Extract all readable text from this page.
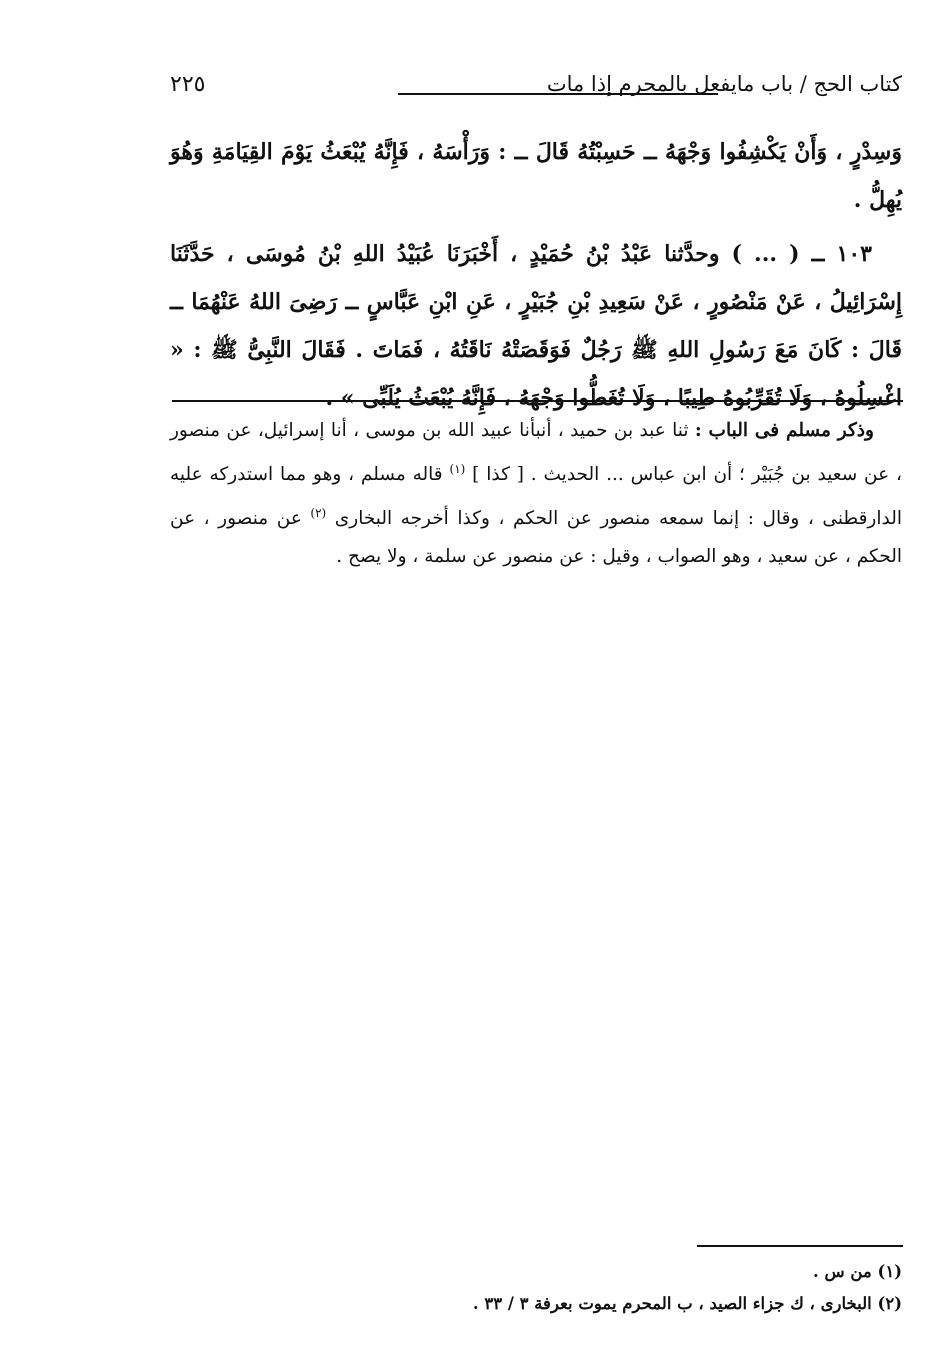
٢٢٥	كتاب الحج / باب مايفعل بالمحرم إذا مات

وَسِدْرٍ ، وَأَنْ يَكْشِفُوا وَجْهَهُ ــ حَسِبْتُهُ قَالَ ــ : وَرَأْسَهُ ، فَإِنَّهُ يُبْعَثُ يَوْمَ القِيَامَةِ وَهُوَ يُهِلُّ .

١٠٣ ــ ( ... ) وحدَّثنا عَبْدُ بْنُ حُمَيْدٍ ، أَخْبَرَنَا عُبَيْدُ اللهِ بْنُ مُوسَى ، حَدَّثَنَا إِسْرَائِيلُ ، عَنْ مَنْصُورٍ ، عَنْ سَعِيدِ بْنِ جُبَيْرٍ ، عَنِ ابْنِ عَبَّاسٍ ــ رَضِىَ اللهُ عَنْهُمَا ــ قَالَ : كَانَ مَعَ رَسُولِ اللهِ ﷺ رَجُلٌ فَوَقَصَتْهُ نَاقَتُهُ ، فَمَاتَ . فَقَالَ النَّبِىُّ ﷺ : « اغْسِلُوهُ ، وَلَا تُقَرِّبُوهُ طِيبًا ، وَلَا تُغَطُّوا وَجْهَهُ ، فَإِنَّهُ يُبْعَثُ يُلَبِّى » .

وذكر مسلم فى الباب : ثنا عبد بن حميد ، أنبأنا عبيد الله بن موسى ، أنا إسرائيل، عن منصور ، عن سعيد بن جُبَيْر ؛ أن ابن عباس ... الحديث . [ كذا ] $^{(١)}$ قاله مسلم ، وهو مما استدركه عليه الدارقطنى ، وقال : إنما سمعه منصور عن الحكم ، وكذا أخرجه البخارى $^{(٢)}$ عن منصور ، عن الحكم ، عن سعيد ، وهو الصواب ، وقيل : عن منصور عن سلمة ، ولا يصح .

(١) من س .

(٢) البخارى ، ك جزاء الصيد ، ب المحرم يموت بعرفة ٣ / ٣٣ .
